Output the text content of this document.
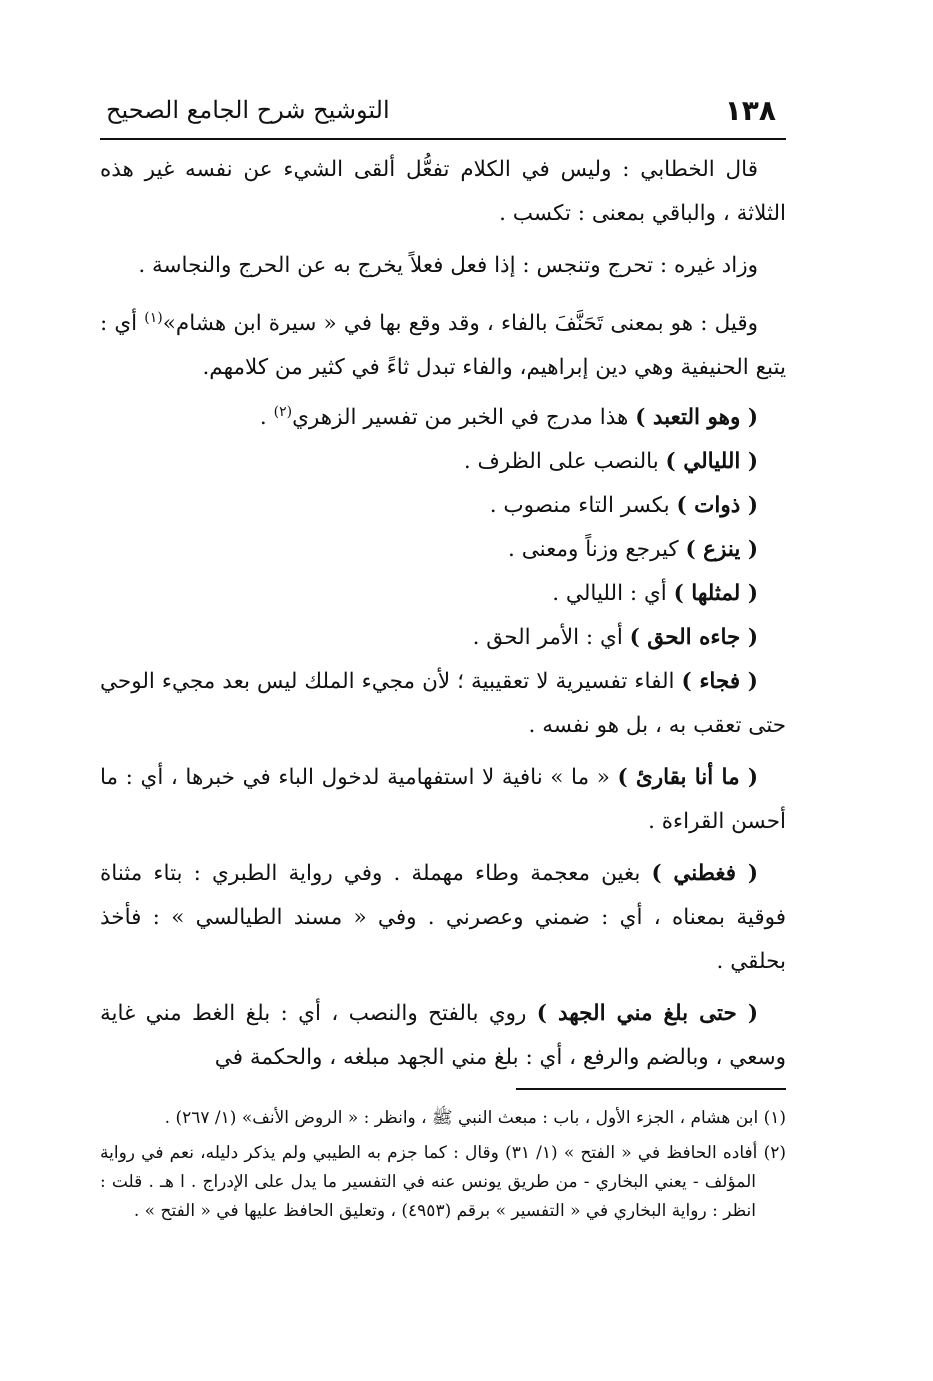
١٣٨
التوشيح شرح الجامع الصحيح

قال الخطابي : وليس في الكلام تفعُّل ألقى الشيء عن نفسه غير هذه الثلاثة ، والباقي بمعنى : تكسب .

وزاد غيره : تحرج وتنجس : إذا فعل فعلاً يخرج به عن الحرج والنجاسة .

وقيل : هو بمعنى تَحَنَّفَ بالفاء ، وقد وقع بها في « سيرة ابن هشام»$^{(١)}$ أي : يتبع الحنيفية وهي دين إبراهيم، والفاء تبدل ثاءً في كثير من كلامهم.

( وهو التعبد ) هذا مدرج في الخبر من تفسير الزهري$^{(٢)}$ .

( الليالي ) بالنصب على الظرف .

( ذوات ) بكسر التاء منصوب .

( ينزع ) كيرجع وزناً ومعنى .

( لمثلها ) أي : الليالي .

( جاءه الحق ) أي : الأمر الحق .

( فجاء ) الفاء تفسيرية لا تعقيبية ؛ لأن مجيء الملك ليس بعد مجيء الوحي حتى تعقب به ، بل هو نفسه .

( ما أنا بقارئ ) « ما » نافية لا استفهامية لدخول الباء في خبرها ، أي : ما أحسن القراءة .

( فغطني ) بغين معجمة وطاء مهملة . وفي رواية الطبري : بتاء مثناة فوقية بمعناه ، أي : ضمني وعصرني . وفي « مسند الطيالسي » : فأخذ بحلقي .

( حتى بلغ مني الجهد ) روي بالفتح والنصب ، أي : بلغ الغط مني غاية وسعي ، وبالضم والرفع ، أي : بلغ مني الجهد مبلغه ، والحكمة في

(١) ابن هشام ، الجزء الأول ، باب : مبعث النبي ﷺ ، وانظر : « الروض الأنف» (١/ ٢٦٧) .

(٢) أفاده الحافظ في « الفتح » (١/ ٣١) وقال : كما جزم به الطيبي ولم يذكر دليله، نعم في رواية المؤلف - يعني البخاري - من طريق يونس عنه في التفسير ما يدل على الإدراج . ا هـ . قلت : انظر : رواية البخاري في « التفسير » برقم (٤٩٥٣) ، وتعليق الحافظ عليها في « الفتح » .
